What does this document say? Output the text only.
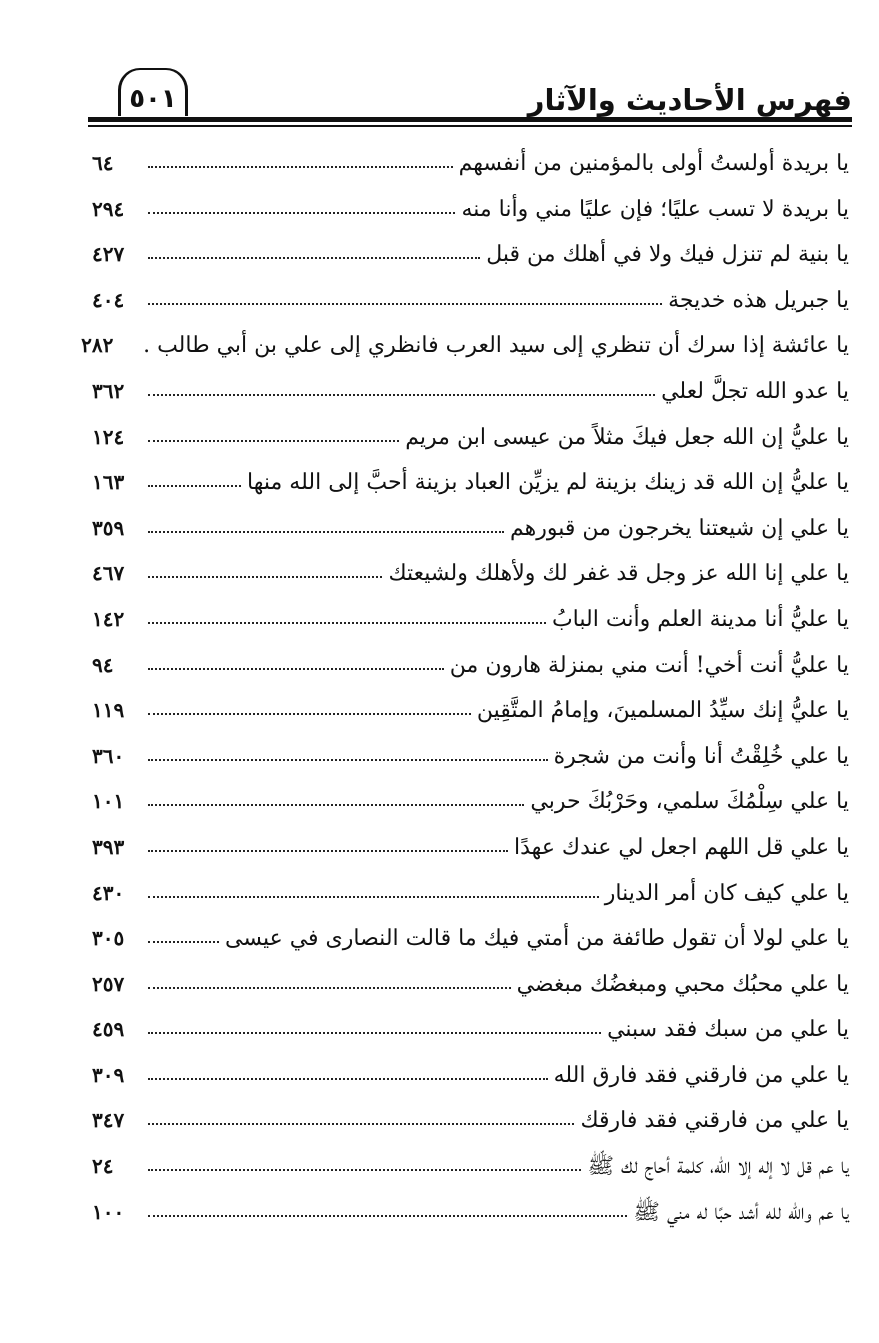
فهرس الأحاديث والآثار
٥٠١
يا بريدة أولستُ أولى بالمؤمنين من أنفسهم
٦٤
يا بريدة لا تسب عليًا؛ فإن عليًا مني وأنا منه
٢٩٤
يا بنية لم تنزل فيك ولا في أهلك من قبل
٤٢٧
يا جبريل هذه خديجة
٤٠٤
يا عائشة إذا سرك أن تنظري إلى سيد العرب فانظري إلى علي بن أبي طالب .
٢٨٢
يا عدو الله تجلَّ لعلي
٣٦٢
يا عليُّ إن الله جعل فيكَ مثلاً من عيسى ابن مريم
١٢٤
يا عليُّ إن الله قد زينك بزينة لم يزيِّن العباد بزينة أحبَّ إلى الله منها
١٦٣
يا علي إن شيعتنا يخرجون من قبورهم
٣٥٩
يا علي إنا الله عز وجل قد غفر لك ولأهلك ولشيعتك
٤٦٧
يا عليُّ أنا مدينة العلم وأنت البابُ
١٤٢
يا عليُّ أنت أخي! أنت مني بمنزلة هارون من
٩٤
يا عليُّ إنك سيِّدُ المسلمينَ، وإمامُ المتَّقِين
١١٩
يا علي خُلِقْتُ أنا وأنت من شجرة
٣٦٠
يا علي سِلْمُكَ سلمي، وحَرْبُكَ حربي
١٠١
يا علي قل اللهم اجعل لي عندك عهدًا
٣٩٣
يا علي كيف كان أمر الدينار
٤٣٠
يا علي لولا أن تقول طائفة من أمتي فيك ما قالت النصارى في عيسى
٣٠٥
يا علي محبُك محبي ومبغضُك مبغضي
٢٥٧
يا علي من سبك فقد سبني
٤٥٩
يا علي من فارقني فقد فارق الله
٣٠٩
يا علي من فارقني فقد فارقك
٣٤٧
يا عم قل لا إله إلا الله، كلمة أحاج لك ﷺ
٢٤
يا عم والله لله أشد حبًا له مني ﷺ
١٠٠
